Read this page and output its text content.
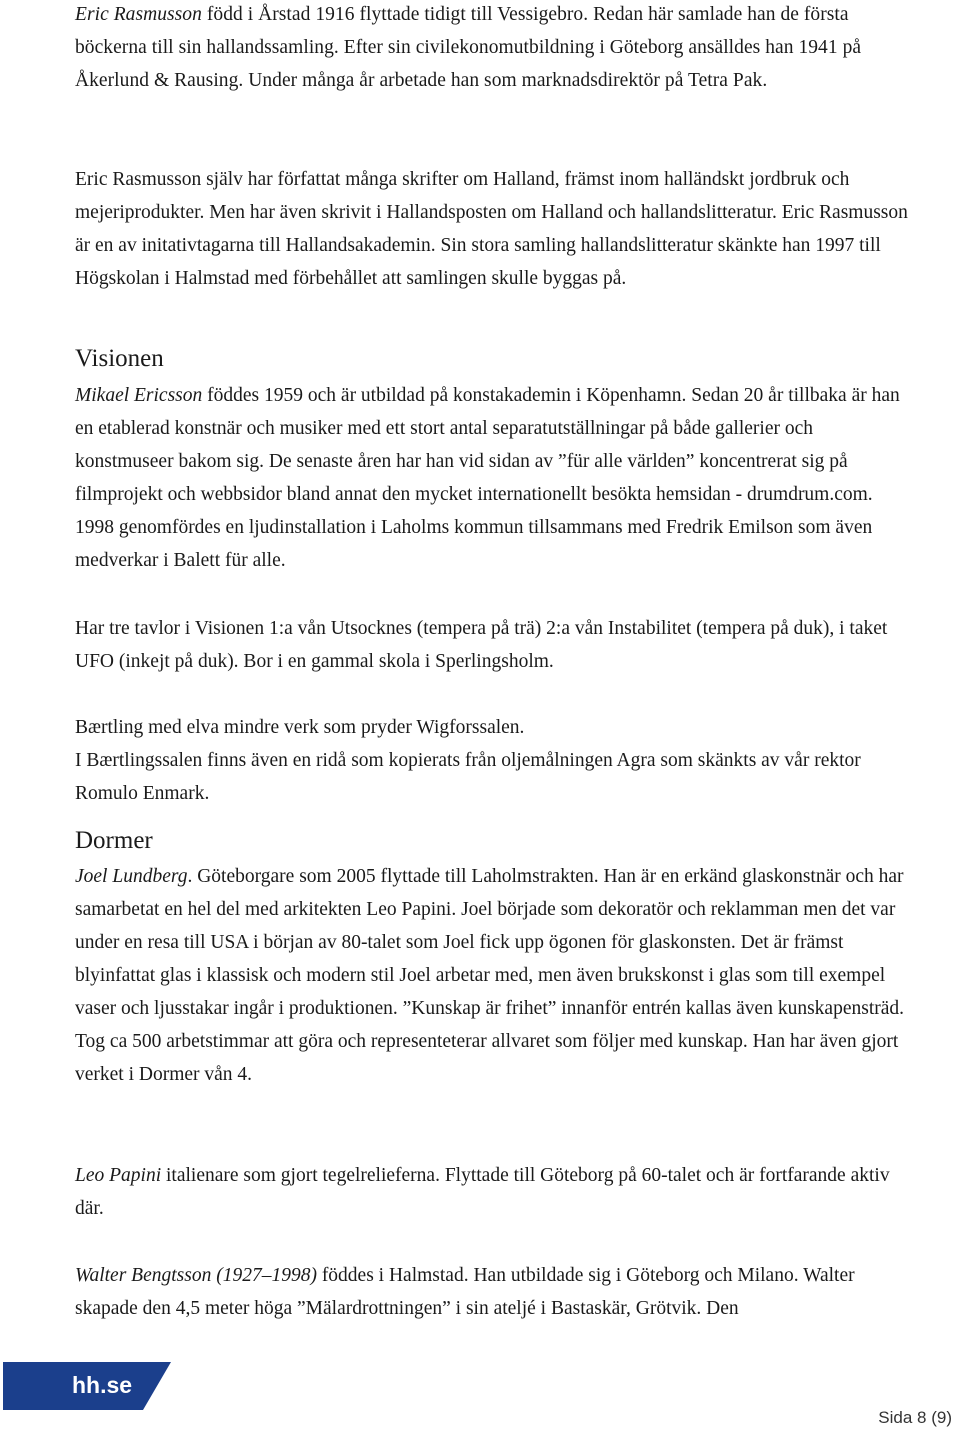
Eric Rasmusson född i Årstad 1916 flyttade tidigt till Vessigebro. Redan här samlade han de första böckerna till sin hallandssamling. Efter sin civilekonomutbildning i Göteborg ansälldes han 1941 på Åkerlund & Rausing. Under många år arbetade han som marknadsdirektör på Tetra Pak.

Eric Rasmusson själv har författat många skrifter om Halland, främst inom halländskt jordbruk och mejeriprodukter. Men har även skrivit i Hallandsposten om Halland och hallandslitteratur. Eric Rasmusson är en av initativtagarna till Hallandsakademin. Sin stora samling hallandslitteratur skänkte han 1997 till Högskolan i Halmstad med förbehållet att samlingen skulle byggas på.

Visionen

Mikael Ericsson föddes 1959 och är utbildad på konstakademin i Köpenhamn. Sedan 20 år tillbaka är han en etablerad konstnär och musiker med ett stort antal separatutställningar på både gallerier och konstmuseer bakom sig. De senaste åren har han vid sidan av ”für alle världen” koncentrerat sig på filmprojekt och webbsidor bland annat den mycket internationellt besökta hemsidan - drumdrum.com. 1998 genomfördes en ljudinstallation i Laholms kommun tillsammans med Fredrik Emilson som även medverkar i Balett für alle.

Har tre tavlor i Visionen 1:a vån Utsocknes (tempera på trä) 2:a vån Instabilitet (tempera på duk), i taket UFO (inkejt på duk). Bor i en gammal skola i Sperlingsholm.

Bærtling med elva mindre verk som pryder Wigforssalen.

I Bærtlingssalen finns även en ridå som kopierats från oljemålningen Agra som skänkts av vår rektor Romulo Enmark.

Dormer

Joel Lundberg. Göteborgare som 2005 flyttade till Laholmstrakten. Han är en erkänd glaskonstnär och har samarbetat en hel del med arkitekten Leo Papini. Joel började som dekoratör och reklamman men det var under en resa till USA i början av 80-talet som Joel fick upp ögonen för glaskonsten. Det är främst blyinfattat glas i klassisk och modern stil Joel arbetar med, men även brukskonst i glas som till exempel vaser och ljusstakar ingår i produktionen. ”Kunskap är frihet” innanför entrén kallas även kunskapensträd. Tog ca 500 arbetstimmar att göra och representeterar allvaret som följer med kunskap. Han har även gjort verket i Dormer vån 4.

Leo Papini italienare som gjort tegelrelieferna. Flyttade till Göteborg på 60-talet och är fortfarande aktiv där.

Walter Bengtsson (1927–1998) föddes i Halmstad. Han utbildade sig i Göteborg och Milano. Walter skapade den 4,5 meter höga ”Mälardrottningen” i sin ateljé i Bastaskär, Grötvik. Den

hh.se
Sida 8 (9)
